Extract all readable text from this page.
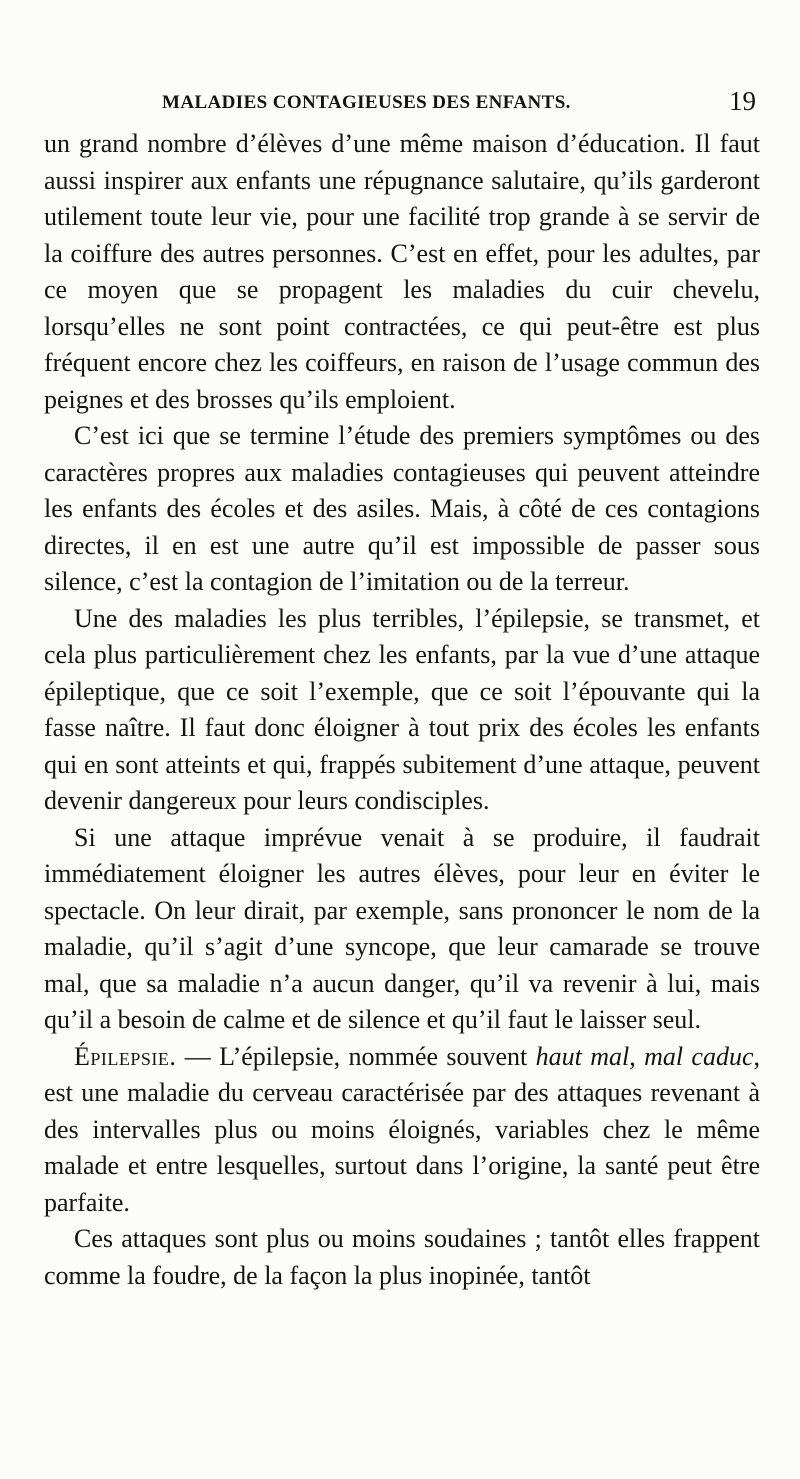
MALADIES CONTAGIEUSES DES ENFANTS.	19

un grand nombre d’élèves d’une même maison d’éducation. Il faut aussi inspirer aux enfants une répugnance salutaire, qu’ils garderont utilement toute leur vie, pour une facilité trop grande à se servir de la coiffure des autres personnes. C’est en effet, pour les adultes, par ce moyen que se propagent les maladies du cuir chevelu, lorsqu’elles ne sont point contractées, ce qui peut-être est plus fréquent encore chez les coiffeurs, en raison de l’usage commun des peignes et des brosses qu’ils emploient.

C’est ici que se termine l’étude des premiers symptômes ou des caractères propres aux maladies contagieuses qui peuvent atteindre les enfants des écoles et des asiles. Mais, à côté de ces contagions directes, il en est une autre qu’il est impossible de passer sous silence, c’est la contagion de l’imitation ou de la terreur.

Une des maladies les plus terribles, l’épilepsie, se transmet, et cela plus particulièrement chez les enfants, par la vue d’une attaque épileptique, que ce soit l’exemple, que ce soit l’épouvante qui la fasse naître. Il faut donc éloigner à tout prix des écoles les enfants qui en sont atteints et qui, frappés subitement d’une attaque, peuvent devenir dangereux pour leurs condisciples.

Si une attaque imprévue venait à se produire, il faudrait immédiatement éloigner les autres élèves, pour leur en éviter le spectacle. On leur dirait, par exemple, sans prononcer le nom de la maladie, qu’il s’agit d’une syncope, que leur camarade se trouve mal, que sa maladie n’a aucun danger, qu’il va revenir à lui, mais qu’il a besoin de calme et de silence et qu’il faut le laisser seul.

Épilepsie. — L’épilepsie, nommée souvent haut mal, mal caduc, est une maladie du cerveau caractérisée par des attaques revenant à des intervalles plus ou moins éloignés, variables chez le même malade et entre lesquelles, surtout dans l’origine, la santé peut être parfaite.

Ces attaques sont plus ou moins soudaines ; tantôt elles frappent comme la foudre, de la façon la plus inopinée, tantôt
